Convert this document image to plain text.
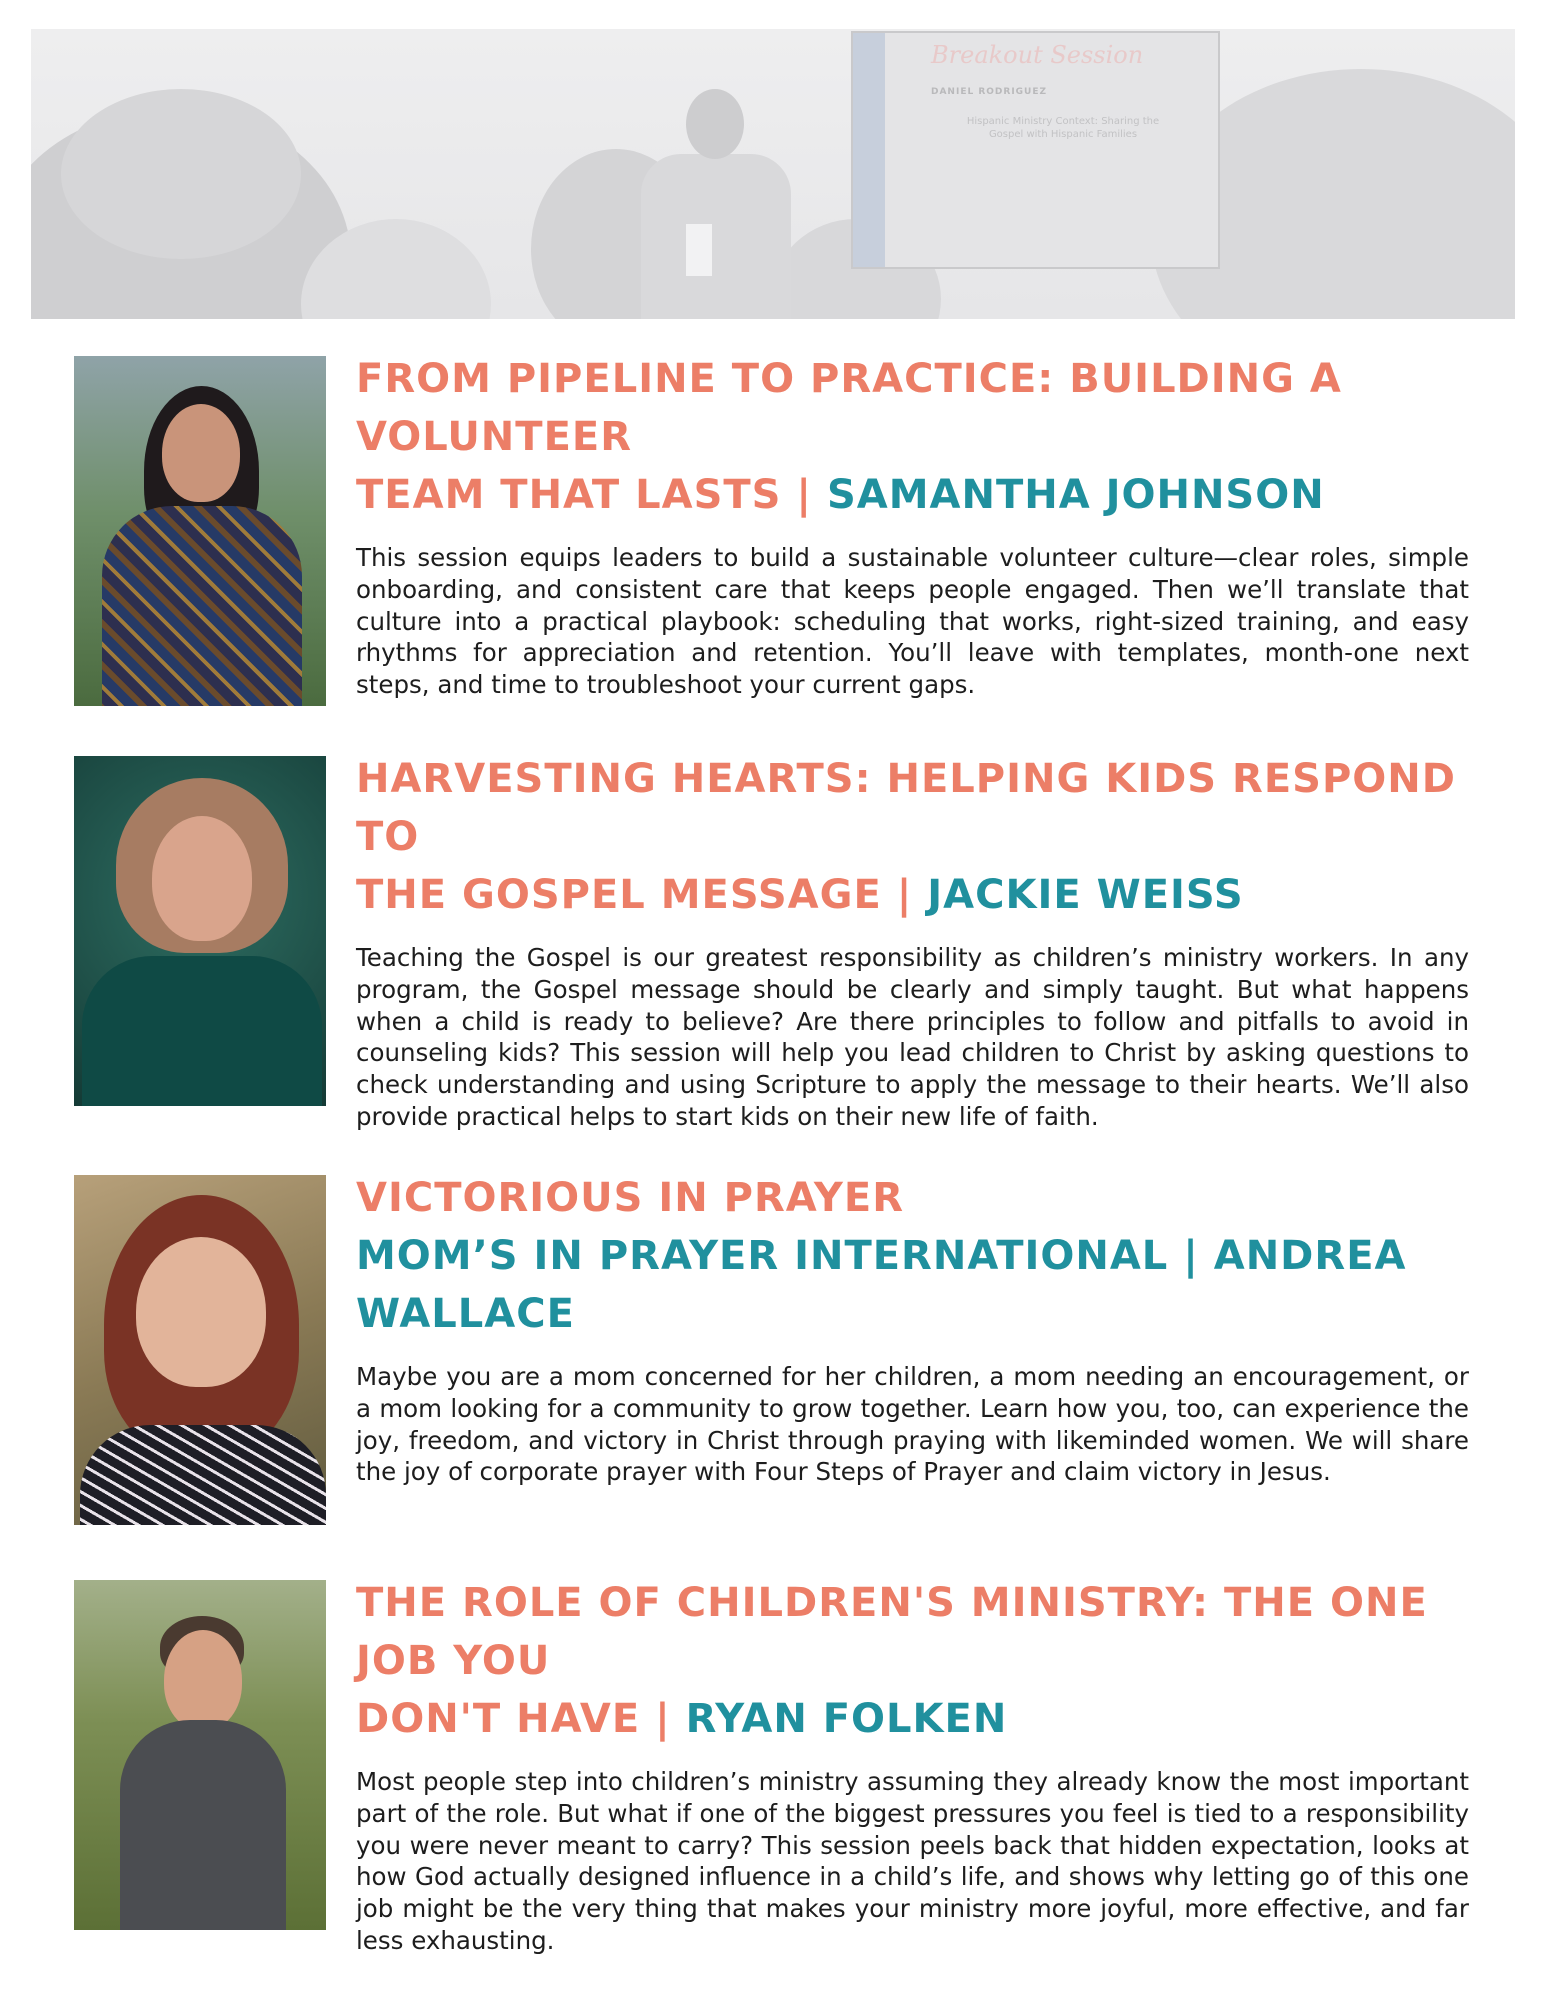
Breakout Session
DANIEL RODRIGUEZ
Hispanic Ministry Context: Sharing the Gospel with Hispanic Families
FROM PIPELINE TO PRACTICE: BUILDING A VOLUNTEER
TEAM THAT LASTS | SAMANTHA JOHNSON

This session equips leaders to build a sustainable volunteer culture—clear roles, simple onboarding, and consistent care that keeps people engaged. Then we’ll translate that culture into a practical playbook: scheduling that works, right-sized training, and easy rhythms for appreciation and retention. You’ll leave with templates, month-one next steps, and time to troubleshoot your current gaps.

HARVESTING HEARTS: HELPING KIDS RESPOND TO
THE GOSPEL MESSAGE | JACKIE WEISS

Teaching the Gospel is our greatest responsibility as children’s ministry workers. In any program, the Gospel message should be clearly and simply taught. But what happens when a child is ready to believe? Are there principles to follow and pitfalls to avoid in counseling kids? This session will help you lead children to Christ by asking questions to check understanding and using Scripture to apply the message to their hearts. We’ll also provide practical helps to start kids on their new life of faith.

VICTORIOUS IN PRAYER
MOM’S IN PRAYER INTERNATIONAL | ANDREA WALLACE

Maybe you are a mom concerned for her children, a mom needing an encouragement, or a mom looking for a community to grow together. Learn how you, too, can experience the joy, freedom, and victory in Christ through praying with likeminded women. We will share the joy of corporate prayer with Four Steps of Prayer and claim victory in Jesus.

THE ROLE OF CHILDREN'S MINISTRY: THE ONE JOB YOU
DON'T HAVE | RYAN FOLKEN

Most people step into children’s ministry assuming they already know the most important part of the role. But what if one of the biggest pressures you feel is tied to a responsibility you were never meant to carry? This session peels back that hidden expectation, looks at how God actually designed influence in a child’s life, and shows why letting go of this one job might be the very thing that makes your ministry more joyful, more effective, and far less exhausting.
